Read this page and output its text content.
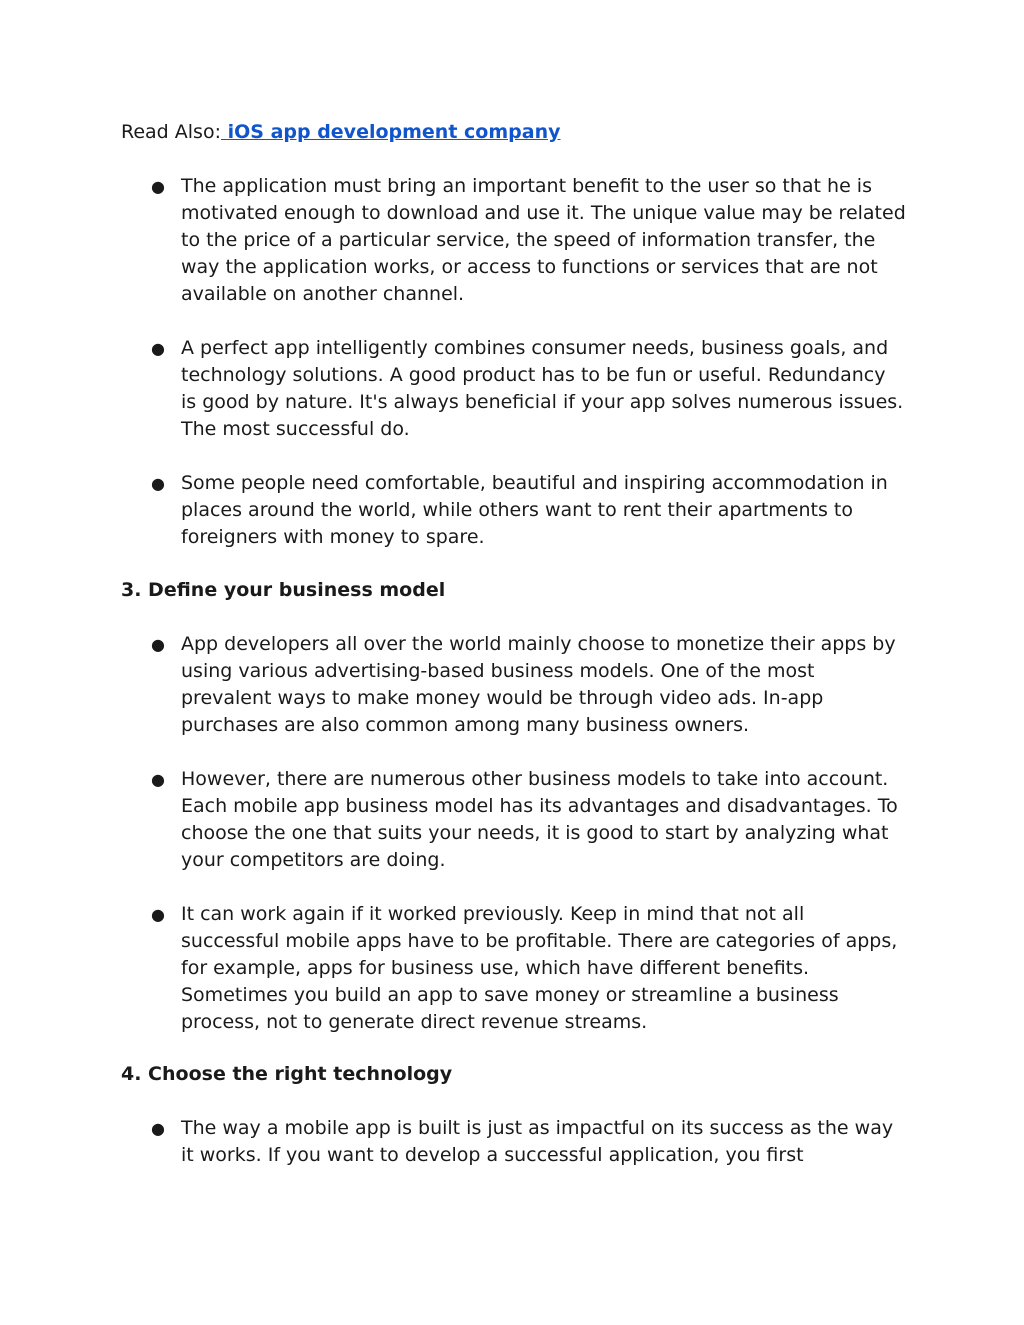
Read Also: iOS app development company
● The application must bring an important benefit to the user so that he is motivated enough to download and use it. The unique value may be related to the price of a particular service, the speed of information transfer, the way the application works, or access to functions or services that are not available on another channel.
● A perfect app intelligently combines consumer needs, business goals, and technology solutions. A good product has to be fun or useful. Redundancy is good by nature. It's always beneficial if your app solves numerous issues. The most successful do.
● Some people need comfortable, beautiful and inspiring accommodation in places around the world, while others want to rent their apartments to foreigners with money to spare.
3. Define your business model
● App developers all over the world mainly choose to monetize their apps by using various advertising-based business models. One of the most prevalent ways to make money would be through video ads. In-app purchases are also common among many business owners.
● However, there are numerous other business models to take into account. Each mobile app business model has its advantages and disadvantages. To choose the one that suits your needs, it is good to start by analyzing what your competitors are doing.
● It can work again if it worked previously. Keep in mind that not all successful mobile apps have to be profitable. There are categories of apps, for example, apps for business use, which have different benefits. Sometimes you build an app to save money or streamline a business process, not to generate direct revenue streams.
4. Choose the right technology
● The way a mobile app is built is just as impactful on its success as the way it works. If you want to develop a successful application, you first
